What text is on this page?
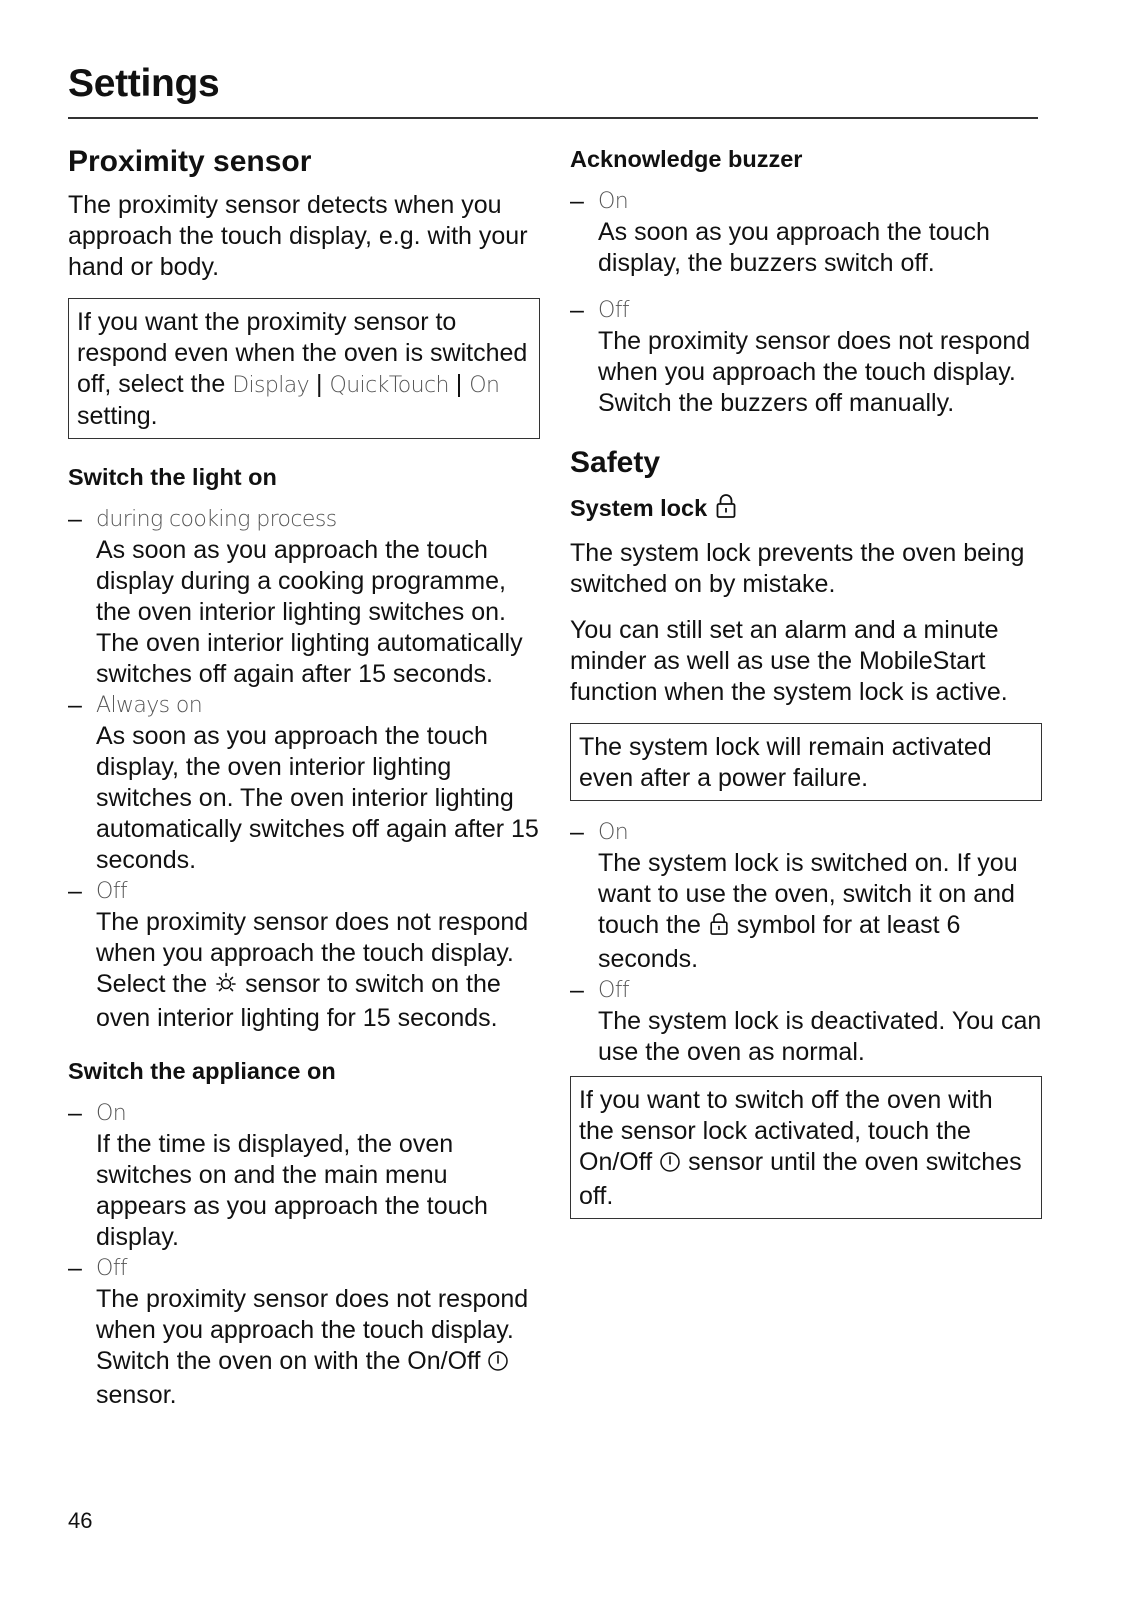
Settings
Proximity sensor

The proximity sensor detects when you approach the touch display, e.g. with your hand or body.

If you want the proximity sensor to respond even when the oven is switched off, select the Display | QuickTouch | On setting.
Switch the light on
– during cooking process
As soon as you approach the touch display during a cooking programme, the oven interior lighting switches on. The oven interior lighting automatically switches off again after 15 seconds.
– Always on
As soon as you approach the touch display, the oven interior lighting switches on. The oven interior lighting automatically switches off again after 15 seconds.
– Off
The proximity sensor does not respond when you approach the touch display. Select the  sensor to switch on the oven interior lighting for 15 seconds.
Switch the appliance on
– On
If the time is displayed, the oven switches on and the main menu appears as you approach the touch display.
– Off
The proximity sensor does not respond when you approach the touch display. Switch the oven on with the On/Off  sensor.
Acknowledge buzzer
– On
As soon as you approach the touch display, the buzzers switch off.
– Off
The proximity sensor does not respond when you approach the touch display. Switch the buzzers off manually.
Safety
System lock

The system lock prevents the oven being switched on by mistake.

You can still set an alarm and a minute minder as well as use the MobileStart function when the system lock is active.

The system lock will remain activated even after a power failure.
– On
The system lock is switched on. If you want to use the oven, switch it on and touch the  symbol for at least 6 seconds.
– Off
The system lock is deactivated. You can use the oven as normal.
If you want to switch off the oven with the sensor lock activated, touch the On/Off  sensor until the oven switches off.

46
